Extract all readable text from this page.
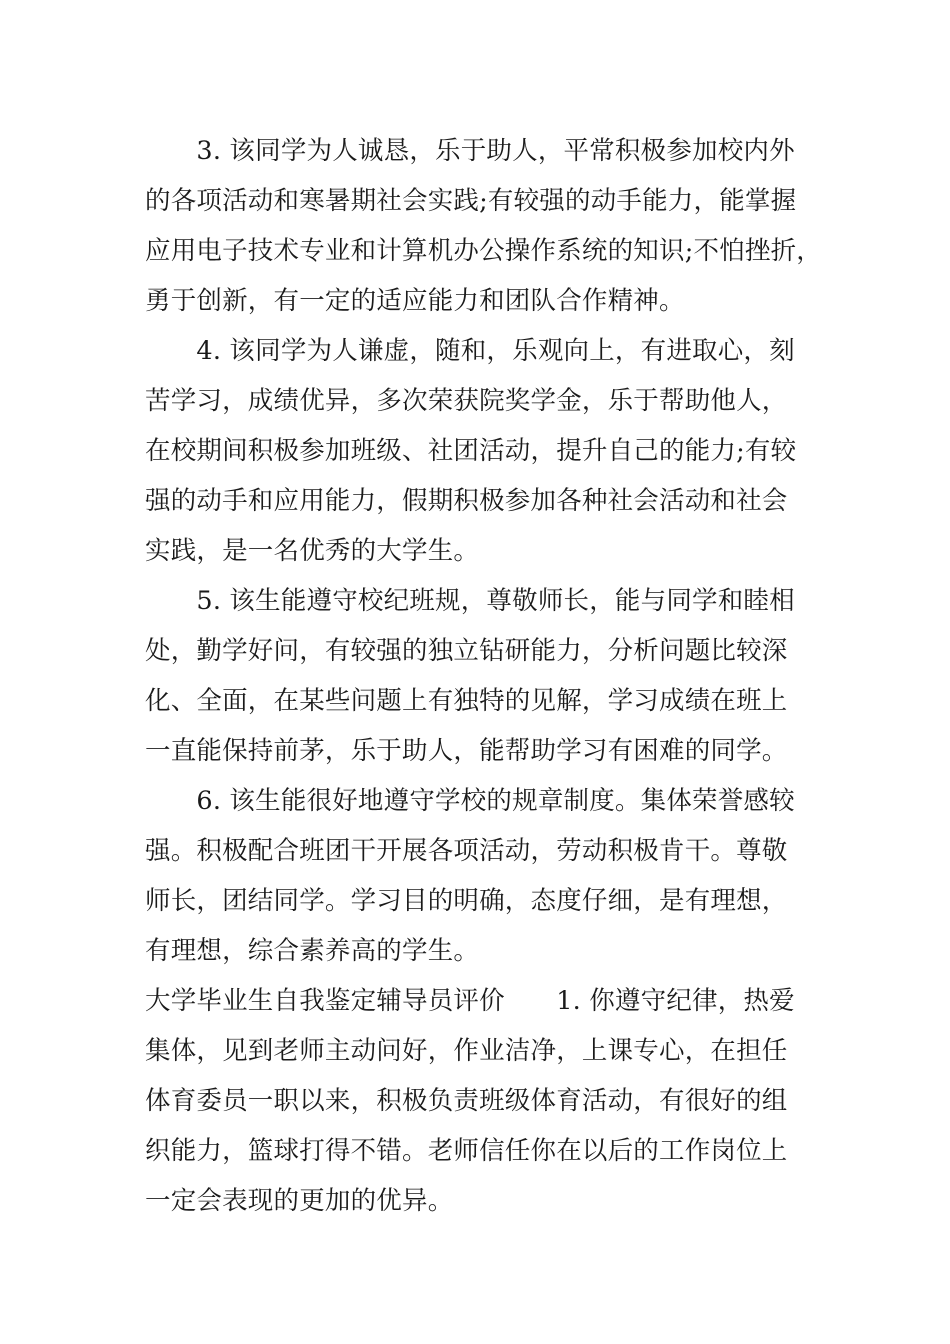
　　3. 该同学为人诚恳，乐于助人，平常积极参加校内外
的各项活动和寒暑期社会实践;有较强的动手能力，能掌握
应用电子技术专业和计算机办公操作系统的知识;不怕挫折，
勇于创新，有一定的适应能力和团队合作精神。
　　4. 该同学为人谦虚，随和，乐观向上，有进取心，刻
苦学习，成绩优异，多次荣获院奖学金，乐于帮助他人，
在校期间积极参加班级、社团活动，提升自己的能力;有较
强的动手和应用能力，假期积极参加各种社会活动和社会
实践，是一名优秀的大学生。
　　5. 该生能遵守校纪班规，尊敬师长，能与同学和睦相
处，勤学好问，有较强的独立钻研能力，分析问题比较深
化、全面，在某些问题上有独特的见解，学习成绩在班上
一直能保持前茅，乐于助人，能帮助学习有困难的同学。
　　6. 该生能很好地遵守学校的规章制度。集体荣誉感较
强。积极配合班团干开展各项活动，劳动积极肯干。尊敬
师长，团结同学。学习目的明确，态度仔细，是有理想，
有理想，综合素养高的学生。
大学毕业生自我鉴定辅导员评价　　1. 你遵守纪律，热爱
集体，见到老师主动问好，作业洁净，上课专心，在担任
体育委员一职以来，积极负责班级体育活动，有很好的组
织能力，篮球打得不错。老师信任你在以后的工作岗位上
一定会表现的更加的优异。
